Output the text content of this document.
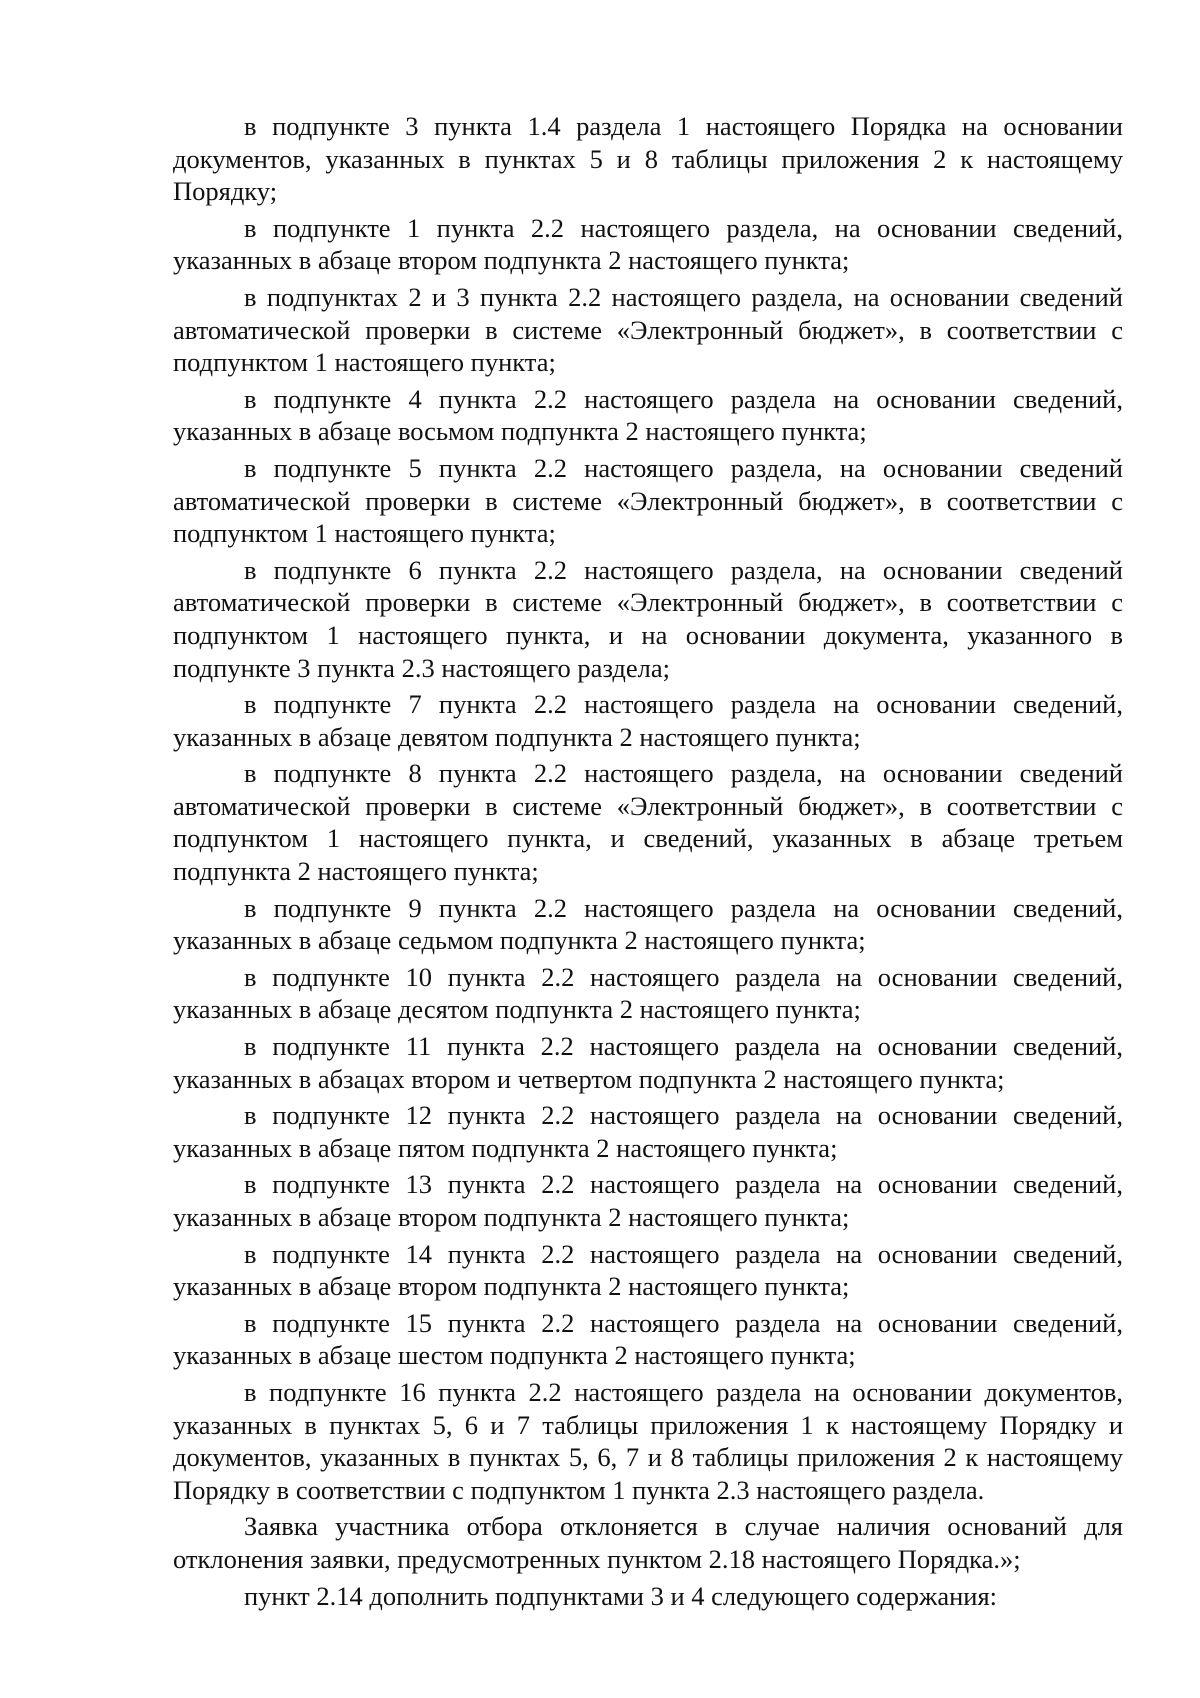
в подпункте 3 пункта 1.4 раздела 1 настоящего Порядка на основании документов, указанных в пунктах 5 и 8 таблицы приложения 2 к настоящему Порядку;

в подпункте 1 пункта 2.2 настоящего раздела, на основании сведений, указанных в абзаце втором подпункта 2 настоящего пункта;

в подпунктах 2 и 3 пункта 2.2 настоящего раздела, на основании сведений автоматической проверки в системе «Электронный бюджет», в соответствии с подпунктом 1 настоящего пункта;

в подпункте 4 пункта 2.2 настоящего раздела на основании сведений, указанных в абзаце восьмом подпункта 2 настоящего пункта;

в подпункте 5 пункта 2.2 настоящего раздела, на основании сведений автоматической проверки в системе «Электронный бюджет», в соответствии с подпунктом 1 настоящего пункта;

в подпункте 6 пункта 2.2 настоящего раздела, на основании сведений автоматической проверки в системе «Электронный бюджет», в соответствии с подпунктом 1 настоящего пункта, и на основании документа, указанного в подпункте 3 пункта 2.3 настоящего раздела;

в подпункте 7 пункта 2.2 настоящего раздела на основании сведений, указанных в абзаце девятом подпункта 2 настоящего пункта;

в подпункте 8 пункта 2.2 настоящего раздела, на основании сведений автоматической проверки в системе «Электронный бюджет», в соответствии с подпунктом 1 настоящего пункта, и сведений, указанных в абзаце третьем подпункта 2 настоящего пункта;

в подпункте 9 пункта 2.2 настоящего раздела на основании сведений, указанных в абзаце седьмом подпункта 2 настоящего пункта;

в подпункте 10 пункта 2.2 настоящего раздела на основании сведений, указанных в абзаце десятом подпункта 2 настоящего пункта;

в подпункте 11 пункта 2.2 настоящего раздела на основании сведений, указанных в абзацах втором и четвертом подпункта 2 настоящего пункта;

в подпункте 12 пункта 2.2 настоящего раздела на основании сведений, указанных в абзаце пятом подпункта 2 настоящего пункта;

в подпункте 13 пункта 2.2 настоящего раздела на основании сведений, указанных в абзаце втором подпункта 2 настоящего пункта;

в подпункте 14 пункта 2.2 настоящего раздела на основании сведений, указанных в абзаце втором подпункта 2 настоящего пункта;

в подпункте 15 пункта 2.2 настоящего раздела на основании сведений, указанных в абзаце шестом подпункта 2 настоящего пункта;

в подпункте 16 пункта 2.2 настоящего раздела на основании документов, указанных в пунктах 5, 6 и 7 таблицы приложения 1 к настоящему Порядку и документов, указанных в пунктах 5, 6, 7 и 8 таблицы приложения 2 к настоящему Порядку в соответствии с подпунктом 1 пункта 2.3 настоящего раздела.

Заявка участника отбора отклоняется в случае наличия оснований для отклонения заявки, предусмотренных пунктом 2.18 настоящего Порядка.»;

пункт 2.14 дополнить подпунктами 3 и 4 следующего содержания:
